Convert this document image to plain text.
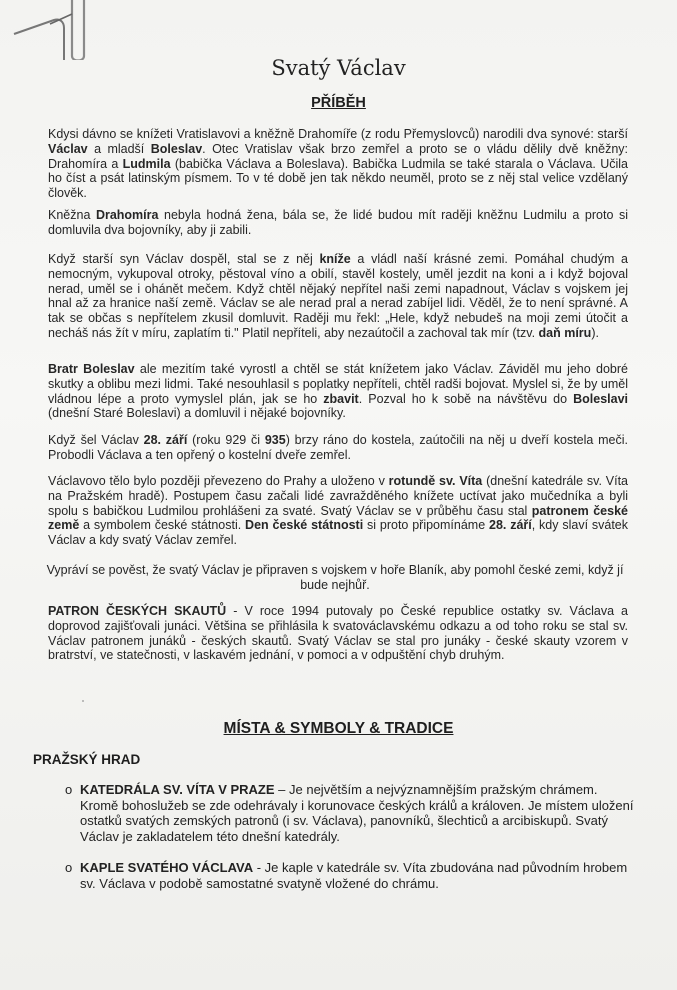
Svatý Václav
PŘÍBĚH
Kdysi dávno se knížeti Vratislavovi a kněžně Drahomíře (z rodu Přemyslovců) narodili dva synové: starší Václav a mladší Boleslav. Otec Vratislav však brzo zemřel a proto se o vládu dělily dvě kněžny: Drahomíra a Ludmila (babička Václava a Boleslava). Babička Ludmila se také starala o Václava. Učila ho číst a psát latinským písmem. To v té době jen tak někdo neuměl, proto se z něj stal velice vzdělaný člověk.
Kněžna Drahomíra nebyla hodná žena, bála se, že lidé budou mít raději kněžnu Ludmilu a proto si domluvila dva bojovníky, aby ji zabili.
Když starší syn Václav dospěl, stal se z něj kníže a vládl naší krásné zemi. Pomáhal chudým a nemocným, vykupoval otroky, pěstoval víno a obilí, stavěl kostely, uměl jezdit na koni a i když bojoval nerad, uměl se i ohánět mečem. Když chtěl nějaký nepřítel naši zemi napadnout, Václav s vojskem jej hnal až za hranice naší země. Václav se ale nerad pral a nerad zabíjel lidi. Věděl, že to není správné. A tak se občas s nepřítelem zkusil domluvit. Raději mu řekl: „Hele, když nebudeš na moji zemi útočit a necháš nás žít v míru, zaplatím ti." Platil nepříteli, aby nezaútočil a zachoval tak mír (tzv. daň míru).
Bratr Boleslav ale mezitím také vyrostl a chtěl se stát knížetem jako Václav. Záviděl mu jeho dobré skutky a oblibu mezi lidmi. Také nesouhlasil s poplatky nepříteli, chtěl radši bojovat. Myslel si, že by uměl vládnou lépe a proto vymyslel plán, jak se ho zbavit. Pozval ho k sobě na návštěvu do Boleslavi (dnešní Staré Boleslavi) a domluvil i nějaké bojovníky.
Když šel Václav 28. září (roku 929 či 935) brzy ráno do kostela, zaútočili na něj u dveří kostela meči. Probodli Václava a ten opřený o kostelní dveře zemřel.
Václavovo tělo bylo později převezeno do Prahy a uloženo v rotundě sv. Víta (dnešní katedrále sv. Víta na Pražském hradě). Postupem času začali lidé zavražděného knížete uctívat jako mučedníka a byli spolu s babičkou Ludmilou prohlášeni za svaté. Svatý Václav se v průběhu času stal patronem české země a symbolem české státnosti. Den české státnosti si proto připomínáme 28. září, kdy slaví svátek Václav a kdy svatý Václav zemřel.
Vypráví se pověst, že svatý Václav je připraven s vojskem v hoře Blaník, aby pomohl české zemi, když jí bude nejhůř.
PATRON ČESKÝCH SKAUTŮ - V roce 1994 putovaly po České republice ostatky sv. Václava a doprovod zajišťovali junáci. Většina se přihlásila k svatováclavskému odkazu a od toho roku se stal sv. Václav patronem junáků - českých skautů. Svatý Václav se stal pro junáky - české skauty vzorem v bratrství, ve statečnosti, v laskavém jednání, v pomoci a v odpuštění chyb druhým.
MÍSTA & SYMBOLY & TRADICE
PRAŽSKÝ HRAD
o KATEDRÁLA SV. VÍTA V PRAZE – Je největším a nejvýznamnějším pražským chrámem. Kromě bohoslužeb se zde odehrávaly i korunovace českých králů a královen. Je místem uložení ostatků svatých zemských patronů (i sv. Václava), panovníků, šlechticů a arcibiskupů. Svatý Václav je zakladatelem této dnešní katedrály.
o KAPLE SVATÉHO VÁCLAVA - Je kaple v katedrále sv. Víta zbudována nad původním hrobem sv. Václava v podobě samostatné svatyně vložené do chrámu.
